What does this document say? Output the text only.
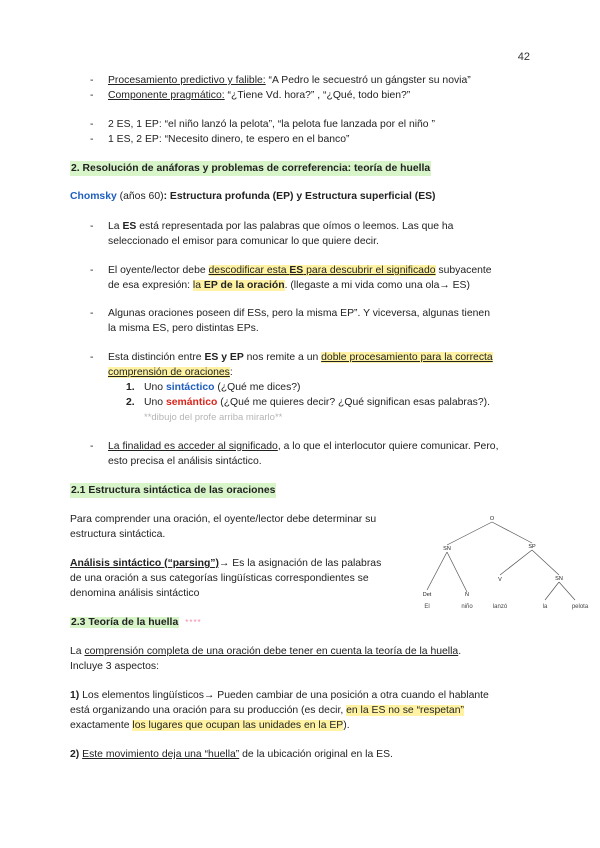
42
- Procesamiento predictivo y falible: “A Pedro le secuestró un gángster su novia”
- Componente pragmático: “¿Tiene Vd. hora?” , “¿Qué, todo bien?”
- 2 ES, 1 EP: “el niño lanzó la pelota”, “la pelota fue lanzada por el niño ”
- 1 ES, 2 EP: “Necesito dinero, te espero en el banco”
2. Resolución de anáforas y problemas de correferencia: teoría de huella
Chomsky (años 60): Estructura profunda (EP) y Estructura superficial (ES)
- La ES está representada por las palabras que oímos o leemos. Las que ha
seleccionado el emisor para comunicar lo que quiere decir.
- El oyente/lector debe descodificar esta ES para descubrir el significado subyacente
de esa expresión: la EP de la oración. (llegaste a mi vida como una ola→ ES)
- Algunas oraciones poseen dif ESs, pero la misma EP”. Y viceversa, algunas tienen
la misma ES, pero distintas EPs.
- Esta distinción entre ES y EP nos remite a un doble procesamiento para la correcta
comprensión de oraciones:
1. Uno sintáctico (¿Qué me dices?)
2. Uno semántico (¿Qué me quieres decir? ¿Qué significan esas palabras?).
**dibujo del profe arriba mirarlo**
- La finalidad es acceder al significado, a lo que el interlocutor quiere comunicar. Pero,
esto precisa el análisis sintáctico.
2.1 Estructura sintáctica de las oraciones
Para comprender una oración, el oyente/lector debe determinar su
estructura sintáctica.
Análisis sintáctico (“parsing”)→ Es la asignación de las palabras
de una oración a sus categorías lingüísticas correspondientes se
denomina análisis sintáctico
O
SN	SP
Det	N
V	SN
El	niño	lanzó	la	pelota
2.3 Teoría de la huella ****
La comprensión completa de una oración debe tener en cuenta la teoría de la huella.
Incluye 3 aspectos:
1) Los elementos lingüísticos→ Pueden cambiar de una posición a otra cuando el hablante
está organizando una oración para su producción (es decir, en la ES no se “respetan”
exactamente los lugares que ocupan las unidades en la EP).
2) Este movimiento deja una “huella” de la ubicación original en la ES.
